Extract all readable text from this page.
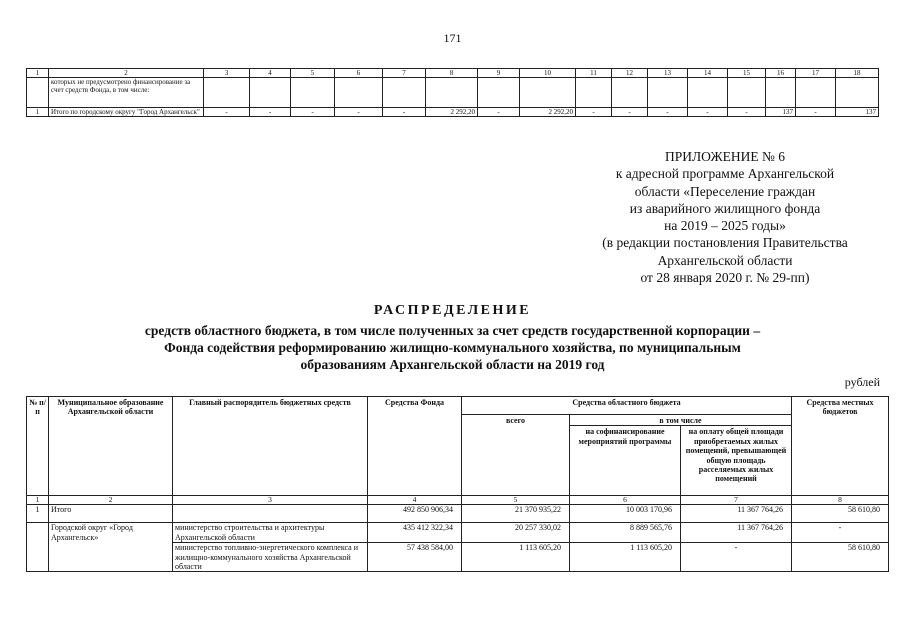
171
1	2	3	4	5	6	7	8	9	10	11	12	13	14	15	16	17	18
	которых не предусмотрено финансирование за счет средств Фонда, в том числе:																
1	Итого по городскому округу "Город Архангельск"	-	-	-	-	-	2 292,20	-	2 292,20	-	-	-	-	-	137	-	137
ПРИЛОЖЕНИЕ № 6
к адресной программе Архангельской
области «Переселение граждан
из аварийного жилищного фонда
на 2019 – 2025 годы»
(в редакции постановления Правительства
Архангельской области
от 28 января 2020 г. № 29-пп)
РАСПРЕДЕЛЕНИЕ
средств областного бюджета, в том числе полученных за счет средств государственной корпорации –
Фонда содействия реформированию жилищно-коммунального хозяйства, по муниципальным
образованиям Архангельской области на 2019 год
рублей
№ п/п	Муниципальное образование Архангельской области	Главный распорядитель бюджетных средств	Средства Фонда	Средства областного бюджета			Средства местных бюджетов
				всего	в том числе		
					на софинансирование мероприятий программы	на оплату общей площади приобретаемых жилых помещений, превышающей общую площадь расселяемых жилых помещений	
1	2	3	4	5	6	7	8
1	Итого		492 850 906,34	21 370 935,22	10 003 170,96	11 367 764,26	58 610,80
	Городской округ «Город Архангельск»	министерство строительства и архитектуры Архангельской области	435 412 322,34	20 257 330,02	8 889 565,76	11 367 764,26	-
		министерство топливно-энергетического комплекса и жилищно-коммунального хозяйства Архангельской области	57 438 584,00	1 113 605,20	1 113 605,20	-	58 610,80
